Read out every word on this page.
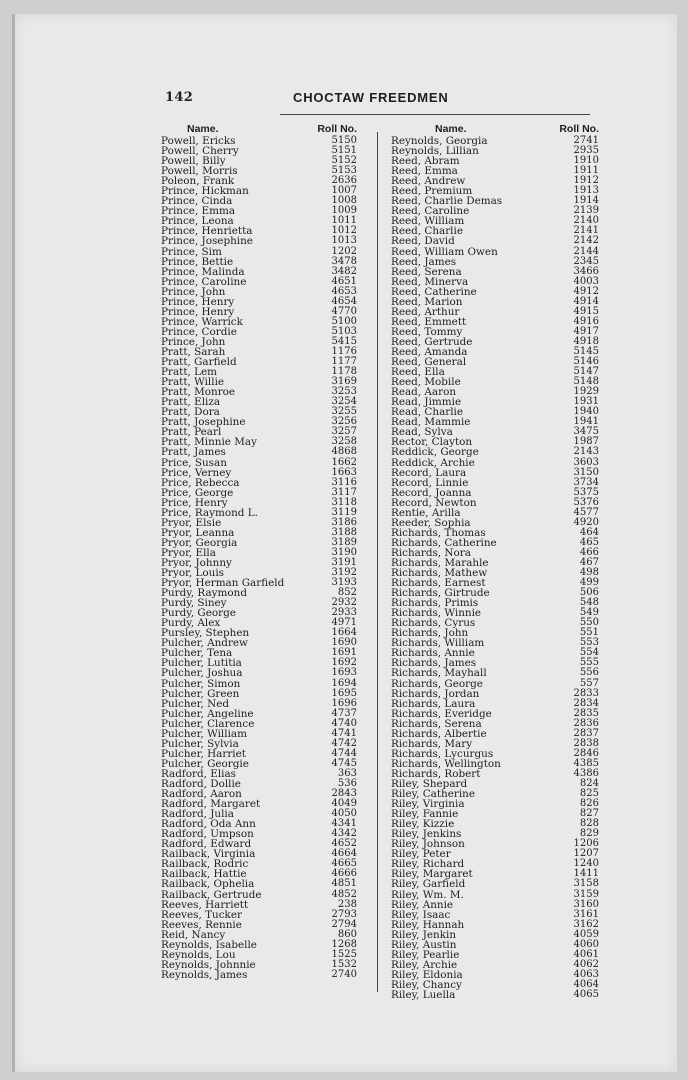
142	CHOCTAW FREEDMEN
Name.	Roll No.
Powell, Ericks	5150
Powell, Cherry	5151
Powell, Billy	5152
Powell, Morris	5153
Poleon, Frank	2636
Prince, Hickman	1007
Prince, Cinda	1008
Prince, Emma	1009
Prince, Leona	1011
Prince, Henrietta	1012
Prince, Josephine	1013
Prince, Sim	1202
Prince, Bettie	3478
Prince, Malinda	3482
Prince, Caroline	4651
Prince, John	4653
Prince, Henry	4654
Prince, Henry	4770
Prince, Warrick	5100
Prince, Cordie	5103
Prince, John	5415
Pratt, Sarah	1176
Pratt, Garfield	1177
Pratt, Lem	1178
Pratt, Willie	3169
Pratt, Monroe	3253
Pratt, Eliza	3254
Pratt, Dora	3255
Pratt, Josephine	3256
Pratt, Pearl	3257
Pratt, Minnie May	3258
Pratt, James	4868
Price, Susan	1662
Price, Verney	1663
Price, Rebecca	3116
Price, George	3117
Price, Henry	3118
Price, Raymond L.	3119
Pryor, Elsie	3186
Pryor, Leanna	3188
Pryor, Georgia	3189
Pryor, Ella	3190
Pryor, Johnny	3191
Pryor, Louis	3192
Pryor, Herman Garfield	3193
Purdy, Raymond	852
Purdy, Siney	2932
Purdy, George	2933
Purdy, Alex	4971
Pursley, Stephen	1664
Pulcher, Andrew	1690
Pulcher, Tena	1691
Pulcher, Lutitia	1692
Pulcher, Joshua	1693
Pulcher, Simon	1694
Pulcher, Green	1695
Pulcher, Ned	1696
Pulcher, Angeline	4737
Pulcher, Clarence	4740
Pulcher, William	4741
Pulcher, Sylvia	4742
Pulcher, Harriet	4744
Pulcher, Georgie	4745
Radford, Elias	363
Radford, Dollie	536
Radford, Aaron	2843
Radford, Margaret	4049
Radford, Julia	4050
Radford, Oda Ann	4341
Radford, Umpson	4342
Radford, Edward	4652
Railback, Virginia	4664
Railback, Rodric	4665
Railback, Hattie	4666
Railback, Ophelia	4851
Railback, Gertrude	4852
Reeves, Harriett	238
Reeves, Tucker	2793
Reeves, Rennie	2794
Reid, Nancy	860
Reynolds, Isabelle	1268
Reynolds, Lou	1525
Reynolds, Johnnie	1532
Reynolds, James	2740
Name.	Roll No.
Reynolds, Georgia	2741
Reynolds, Lillian	2935
Reed, Abram	1910
Reed, Emma	1911
Reed, Andrew	1912
Reed, Premium	1913
Reed, Charlie Demas	1914
Reed, Caroline	2139
Reed, William	2140
Reed, Charlie	2141
Reed, David	2142
Reed, William Owen	2144
Reed, James	2345
Reed, Serena	3466
Reed, Minerva	4003
Reed, Catherine	4912
Reed, Marion	4914
Reed, Arthur	4915
Reed, Emmett	4916
Reed, Tommy	4917
Reed, Gertrude	4918
Reed, Amanda	5145
Reed, General	5146
Reed, Ella	5147
Reed, Mobile	5148
Read, Aaron	1929
Read, Jimmie	1931
Read, Charlie	1940
Read, Mammie	1941
Read, Sylva	3475
Rector, Clayton	1987
Reddick, George	2143
Reddick, Archie	3603
Record, Laura	3150
Record, Linnie	3734
Record, Joanna	5375
Record, Newton	5376
Rentie, Arilla	4577
Reeder, Sophia	4920
Richards, Thomas	464
Richards, Catherine	465
Richards, Nora	466
Richards, Marahle	467
Richards, Mathew	498
Richards, Earnest	499
Richards, Girtrude	506
Richards, Primis	548
Richards, Winnie	549
Richards, Cyrus	550
Richards, John	551
Richards, William	553
Richards, Annie	554
Richards, James	555
Richards, Mayhall	556
Richards, George	557
Richards, Jordan	2833
Richards, Laura	2834
Richards, Everidge	2835
Richards, Serena	2836
Richards, Albertie	2837
Richards, Mary	2838
Richards, Lycurgus	2846
Richards, Wellington	4385
Richards, Robert	4386
Riley, Shepard	824
Riley, Catherine	825
Riley, Virginia	826
Riley, Fannie	827
Riley, Kizzie	828
Riley, Jenkins	829
Riley, Johnson	1206
Riley, Peter	1207
Riley, Richard	1240
Riley, Margaret	1411
Riley, Garfield	3158
Riley, Wm. M.	3159
Riley, Annie	3160
Riley, Isaac	3161
Riley, Hannah	3162
Riley, Jenkin	4059
Riley, Austin	4060
Riley, Pearlie	4061
Riley, Archie	4062
Riley, Eldonia	4063
Riley, Chancy	4064
Riley, Luella	4065
